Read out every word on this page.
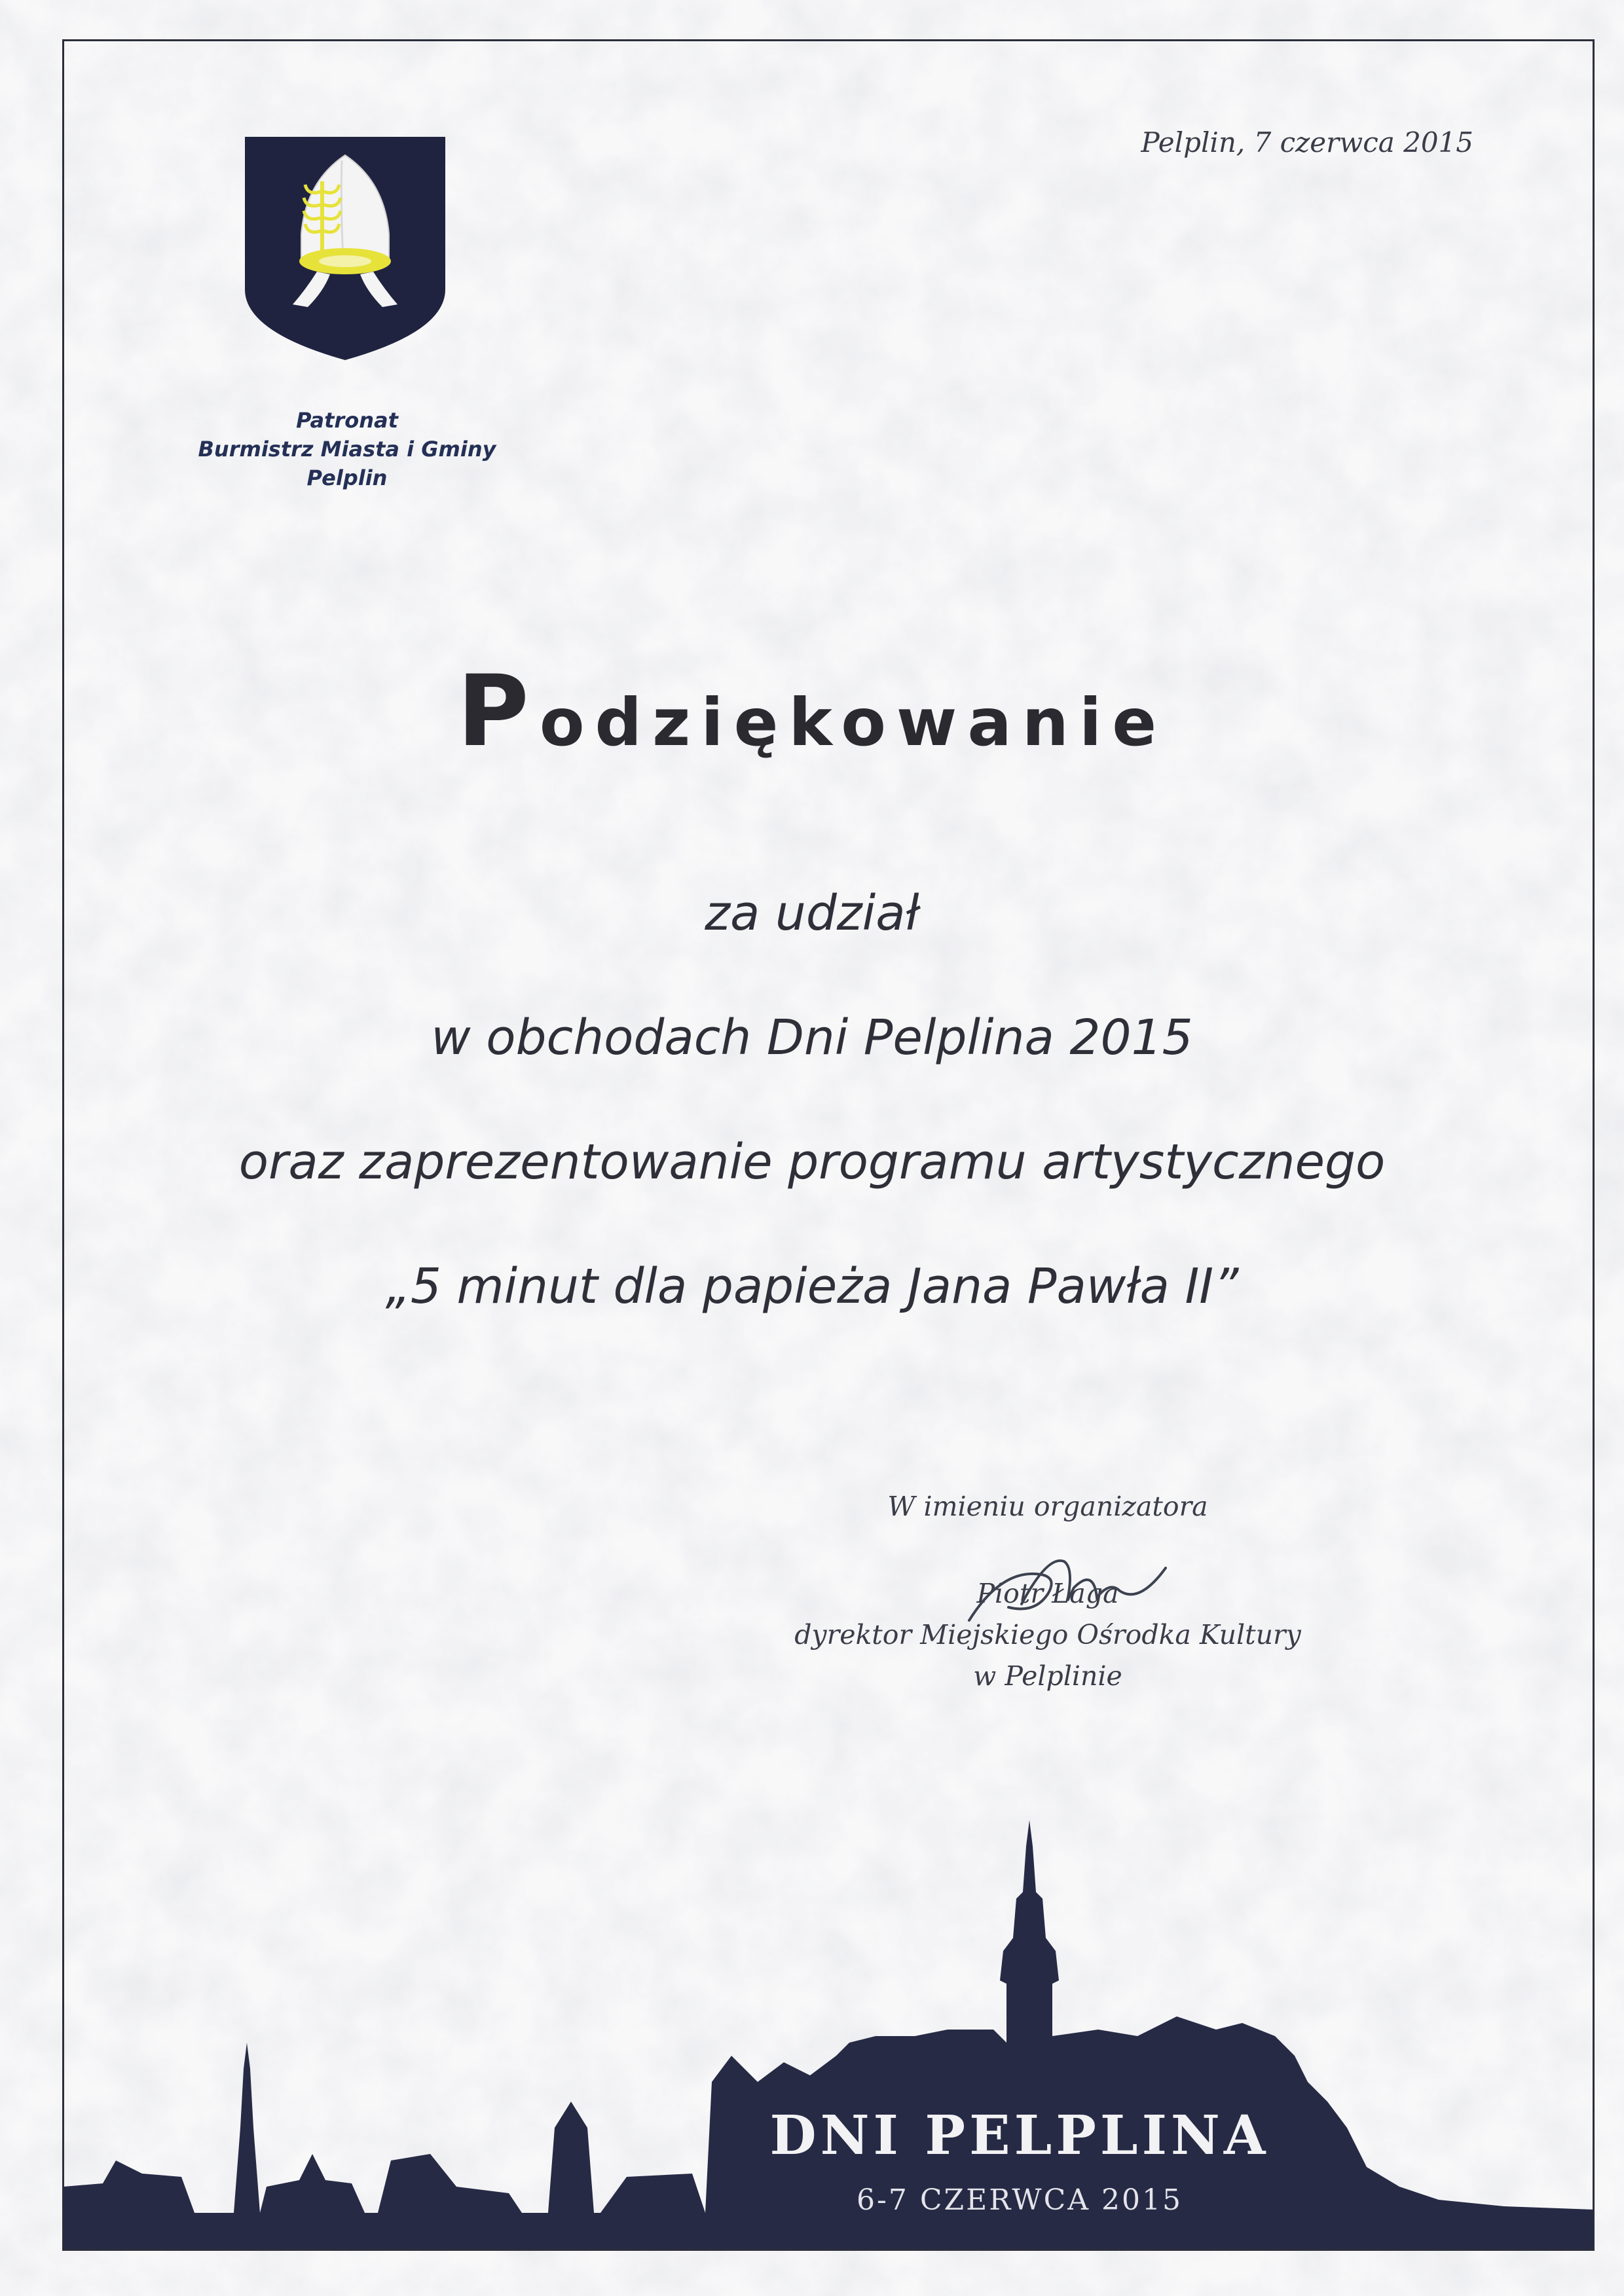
Pelplin, 7 czerwca 2015
Patronat
Burmistrz Miasta i Gminy
Pelplin
Podziękowanie
za udział
w obchodach Dni Pelplina 2015
oraz zaprezentowanie programu artystycznego
„5 minut dla papieża Jana Pawła II”
W imieniu organizatora
Piotr Łaga
dyrektor Miejskiego Ośrodka Kultury
w Pelplinie
DNI PELPLINA
6-7 CZERWCA 2015
